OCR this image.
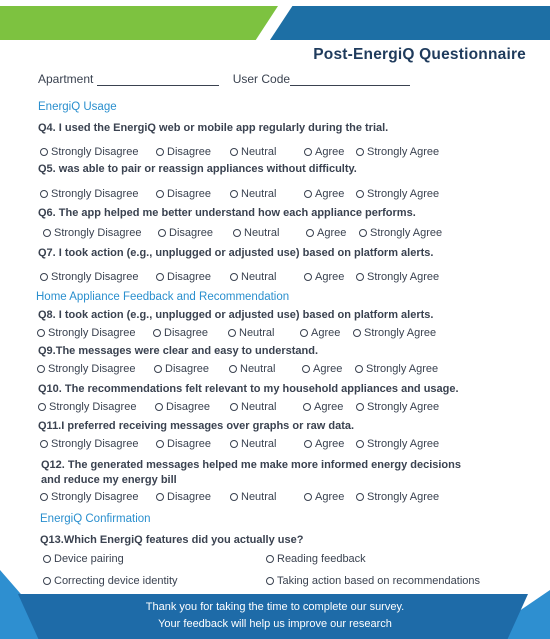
Post-EnergiQ Questionnaire
Apartment	User Code
EnergiQ Usage
Q4. I used the EnergiQ web or mobile app regularly during the trial.
Strongly Disagree	Disagree	Neutral	Agree Strongly Agree
Q5. was able to pair or reassign appliances without difficulty.
Strongly Disagree	Disagree	Neutral	Agree Strongly Agree
Q6. The app helped me better understand how each appliance performs.
Strongly Disagree	Disagree	Neutral	Agree Strongly Agree
Q7. I took action (e.g., unplugged or adjusted use) based on platform alerts.
Strongly Disagree	Disagree	Neutral	Agree Strongly Agree
Home Appliance Feedback and Recommendation
Q8. I took action (e.g., unplugged or adjusted use) based on platform alerts.
Strongly Disagree	Disagree	Neutral	Agree Strongly Agree
Q9.The messages were clear and easy to understand.
Strongly Disagree	Disagree	Neutral	Agree Strongly Agree
Q10. The recommendations felt relevant to my household appliances and usage.
Strongly Disagree	Disagree	Neutral	Agree Strongly Agree
Q11.I preferred receiving messages over graphs or raw data.
Strongly Disagree	Disagree	Neutral	Agree Strongly Agree
Q12. The generated messages helped me make more informed energy decisions
and reduce my energy bill
Strongly Disagree	Disagree	Neutral	Agree Strongly Agree
EnergiQ Confirmation
Q13.Which EnergiQ features did you actually use?
Device pairing	Reading feedback
Correcting device identity	Taking action based on recommendations
Thank you for taking the time to complete our survey.
Your feedback will help us improve our research
